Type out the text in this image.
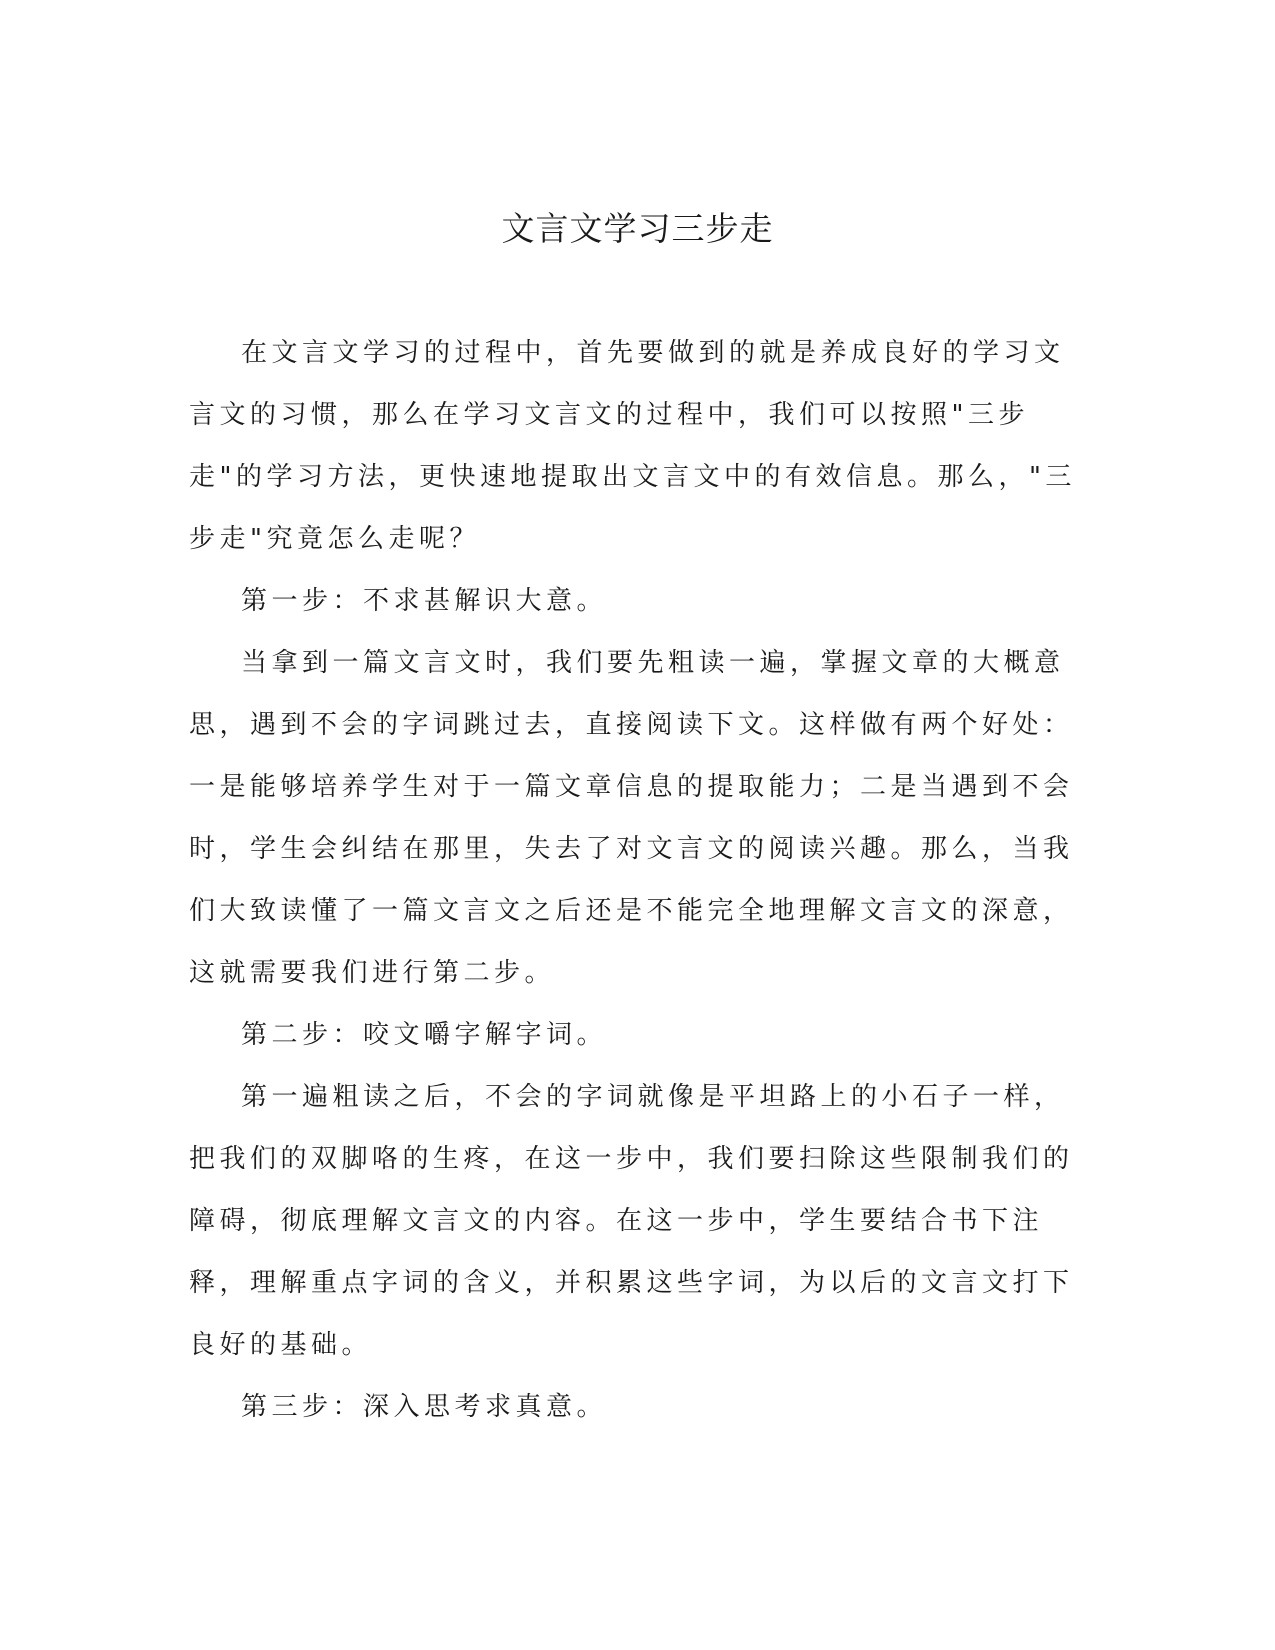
文言文学习三步走

在文言文学习的过程中，首先要做到的就是养成良好的学习文言文的习惯，那么在学习文言文的过程中，我们可以按照"三步走"的学习方法，更快速地提取出文言文中的有效信息。那么，"三步走"究竟怎么走呢？

第一步：不求甚解识大意。

当拿到一篇文言文时，我们要先粗读一遍，掌握文章的大概意思，遇到不会的字词跳过去，直接阅读下文。这样做有两个好处：一是能够培养学生对于一篇文章信息的提取能力；二是当遇到不会时，学生会纠结在那里，失去了对文言文的阅读兴趣。那么，当我们大致读懂了一篇文言文之后还是不能完全地理解文言文的深意，这就需要我们进行第二步。

第二步：咬文嚼字解字词。

第一遍粗读之后，不会的字词就像是平坦路上的小石子一样，把我们的双脚咯的生疼，在这一步中，我们要扫除这些限制我们的障碍，彻底理解文言文的内容。在这一步中，学生要结合书下注释，理解重点字词的含义，并积累这些字词，为以后的文言文打下良好的基础。

第三步：深入思考求真意。
